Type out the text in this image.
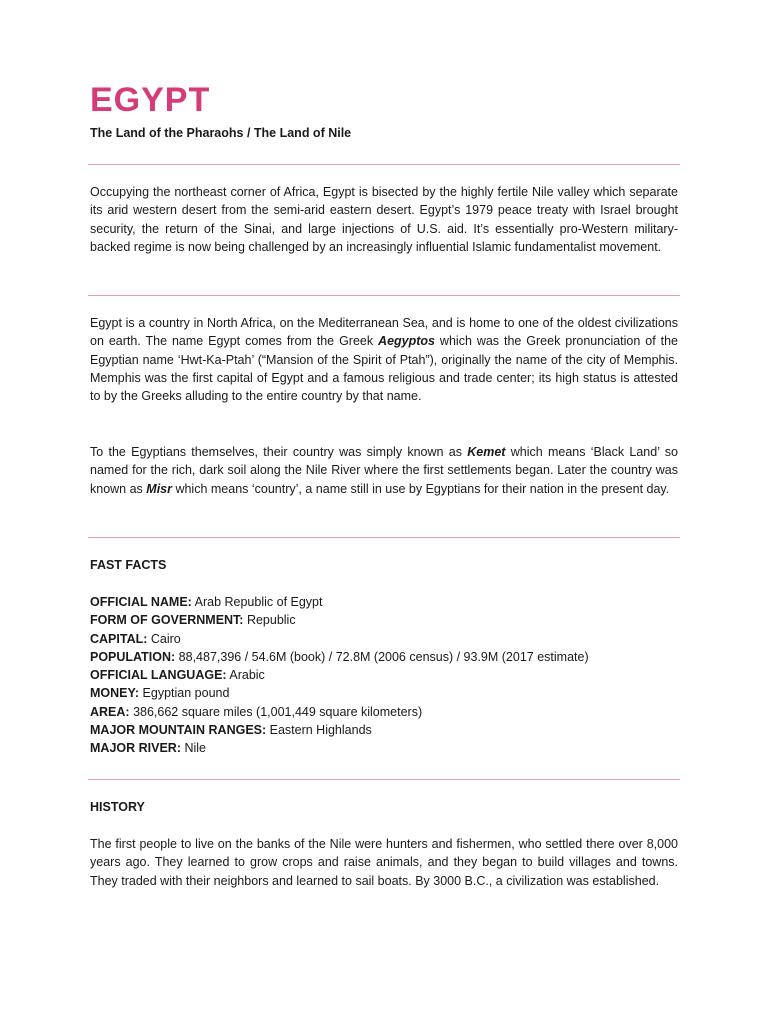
EGYPT

The Land of the Pharaohs / The Land of Nile

Occupying the northeast corner of Africa, Egypt is bisected by the highly fertile Nile valley which separate its arid western desert from the semi-arid eastern desert. Egypt’s 1979 peace treaty with Israel brought security, the return of the Sinai, and large injections of U.S. aid. It’s essentially pro-Western military-backed regime is now being challenged by an increasingly influential Islamic fundamentalist movement.

Egypt is a country in North Africa, on the Mediterranean Sea, and is home to one of the oldest civilizations on earth. The name Egypt comes from the Greek Aegyptos which was the Greek pronunciation of the Egyptian name ‘Hwt-Ka-Ptah’ (“Mansion of the Spirit of Ptah”), originally the name of the city of Memphis. Memphis was the first capital of Egypt and a famous religious and trade center; its high status is attested to by the Greeks alluding to the entire country by that name.

To the Egyptians themselves, their country was simply known as Kemet which means ‘Black Land’ so named for the rich, dark soil along the Nile River where the first settlements began. Later the country was known as Misr which means ‘country’, a name still in use by Egyptians for their nation in the present day.

FAST FACTS

OFFICIAL NAME: Arab Republic of Egypt
FORM OF GOVERNMENT: Republic
CAPITAL: Cairo
POPULATION: 88,487,396 / 54.6M (book) / 72.8M (2006 census) / 93.9M (2017 estimate)
OFFICIAL LANGUAGE: Arabic
MONEY: Egyptian pound
AREA: 386,662 square miles (1,001,449 square kilometers)
MAJOR MOUNTAIN RANGES: Eastern Highlands
MAJOR RIVER: Nile

HISTORY

The first people to live on the banks of the Nile were hunters and fishermen, who settled there over 8,000 years ago. They learned to grow crops and raise animals, and they began to build villages and towns. They traded with their neighbors and learned to sail boats. By 3000 B.C., a civilization was established.
